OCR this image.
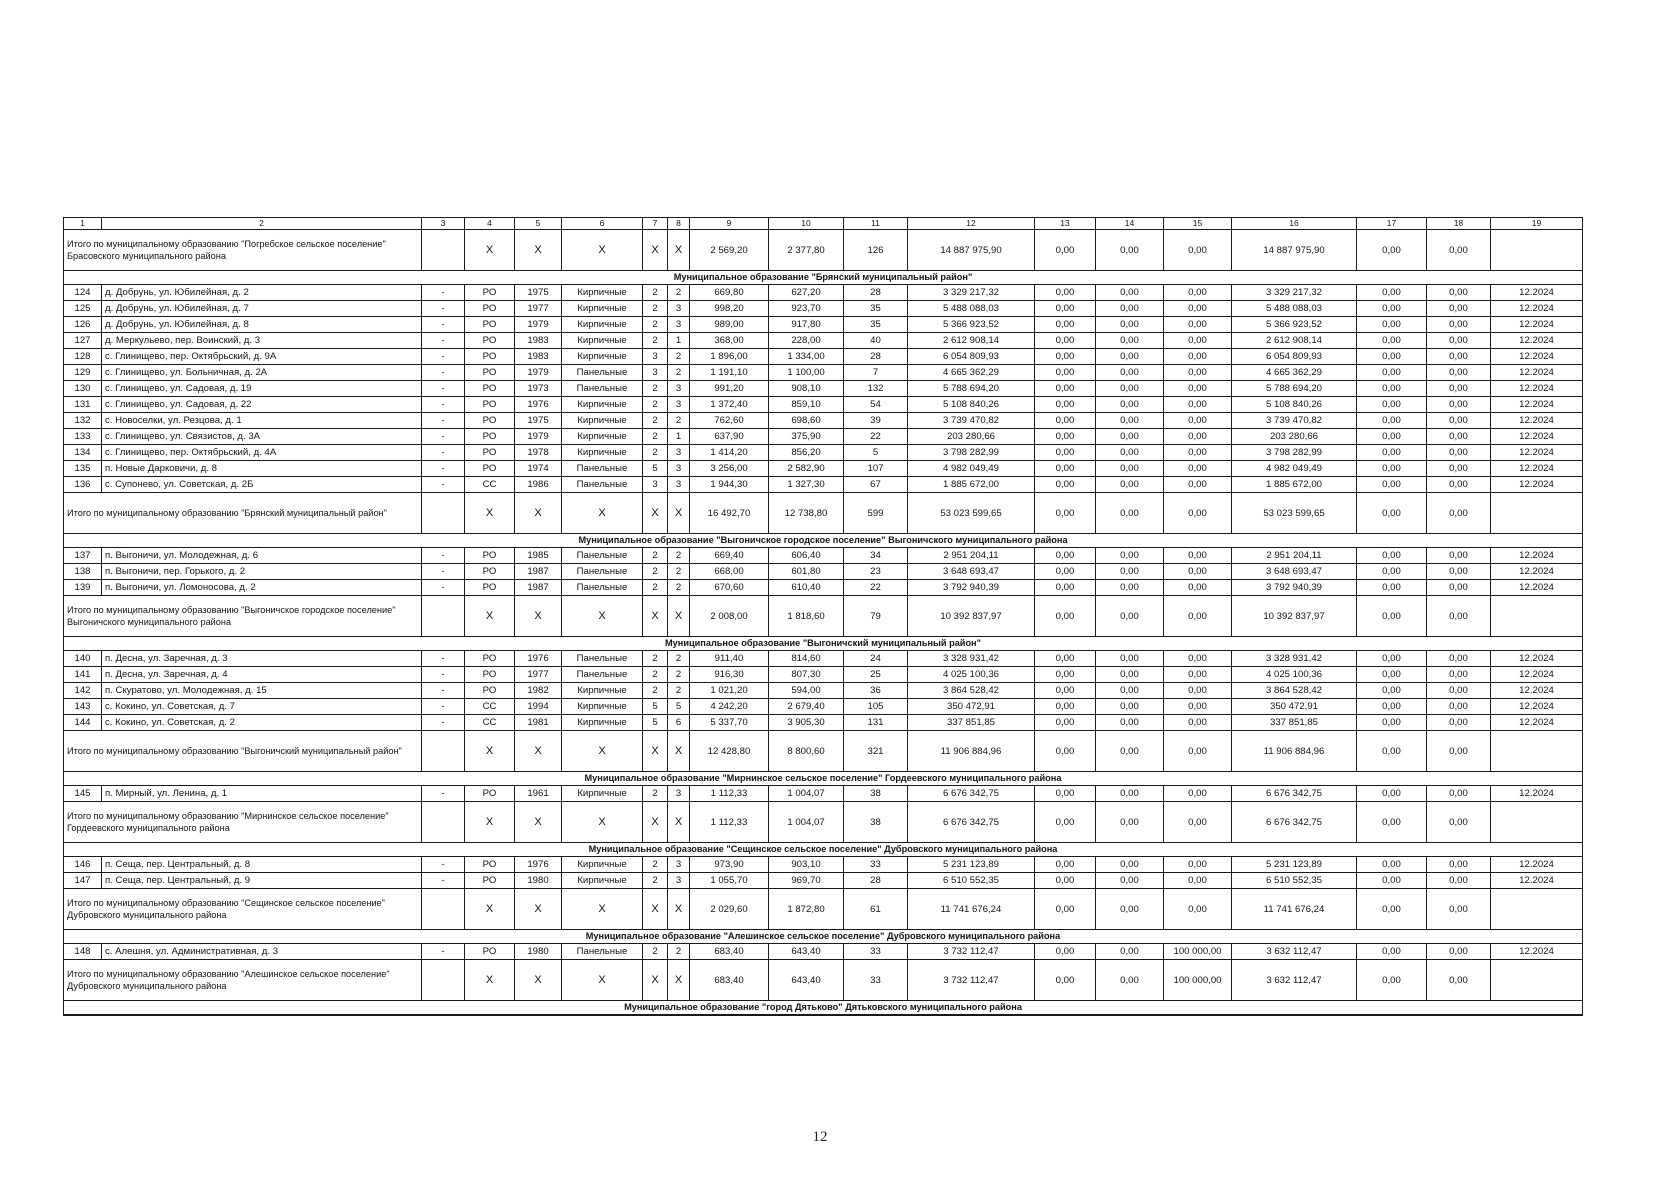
1	2	3	4	5	6	7	8	9	10	11	12	13	14	15	16	17	18	19
Итого по муниципальному образованию "Погребское сельское поселение" Брасовского муниципального района			X	X	X	X	X	2 569,20	2 377,80	126	14 887 975,90	0,00	0,00	0,00	14 887 975,90	0,00	0,00	
Муниципальное образование "Брянский муниципальный район"																		
124	д. Добрунь, ул. Юбилейная, д. 2	-	РО	1975	Кирпичные	2	2	669,80	627,20	28	3 329 217,32	0,00	0,00	0,00	3 329 217,32	0,00	0,00	12.2024
125	д. Добрунь, ул. Юбилейная, д. 7	-	РО	1977	Кирпичные	2	3	998,20	923,70	35	5 488 088,03	0,00	0,00	0,00	5 488 088,03	0,00	0,00	12.2024
126	д. Добрунь, ул. Юбилейная, д. 8	-	РО	1979	Кирпичные	2	3	989,00	917,80	35	5 366 923,52	0,00	0,00	0,00	5 366 923,52	0,00	0,00	12.2024
127	д. Меркульево, пер. Воинский, д. 3	-	РО	1983	Кирпичные	2	1	368,00	228,00	40	2 612 908,14	0,00	0,00	0,00	2 612 908,14	0,00	0,00	12.2024
128	с. Глинищево, пер. Октябрьский, д. 9А	-	РО	1983	Кирпичные	3	2	1 896,00	1 334,00	28	6 054 809,93	0,00	0,00	0,00	6 054 809,93	0,00	0,00	12.2024
129	с. Глинищево, ул. Больничная, д. 2А	-	РО	1979	Панельные	3	2	1 191,10	1 100,00	7	4 665 362,29	0,00	0,00	0,00	4 665 362,29	0,00	0,00	12.2024
130	с. Глинищево, ул. Садовая, д. 19	-	РО	1973	Панельные	2	3	991,20	908,10	132	5 788 694,20	0,00	0,00	0,00	5 788 694,20	0,00	0,00	12.2024
131	с. Глинищево, ул. Садовая, д. 22	-	РО	1976	Кирпичные	2	3	1 372,40	859,10	54	5 108 840,26	0,00	0,00	0,00	5 108 840,26	0,00	0,00	12.2024
132	с. Новоселки, ул. Резцова, д. 1	-	РО	1975	Кирпичные	2	2	762,60	698,60	39	3 739 470,82	0,00	0,00	0,00	3 739 470,82	0,00	0,00	12.2024
133	с. Глинищево, ул. Связистов, д. 3А	-	РО	1979	Кирпичные	2	1	637,90	375,90	22	203 280,66	0,00	0,00	0,00	203 280,66	0,00	0,00	12.2024
134	с. Глинищево, пер. Октябрьский, д. 4А	-	РО	1978	Кирпичные	2	3	1 414,20	856,20	5	3 798 282,99	0,00	0,00	0,00	3 798 282,99	0,00	0,00	12.2024
135	п. Новые Дарковичи, д. 8	-	РО	1974	Панельные	5	3	3 256,00	2 582,90	107	4 982 049,49	0,00	0,00	0,00	4 982 049,49	0,00	0,00	12.2024
136	с. Супонево, ул. Советская, д. 2Б	-	СС	1986	Панельные	3	3	1 944,30	1 327,30	67	1 885 672,00	0,00	0,00	0,00	1 885 672,00	0,00	0,00	12.2024
Итого по муниципальному образованию "Брянский муниципальный район"			X	X	X	X	X	16 492,70	12 738,80	599	53 023 599,65	0,00	0,00	0,00	53 023 599,65	0,00	0,00	
Муниципальное образование "Выгоничское городское поселение" Выгоничского муниципального района																		
137	п. Выгоничи, ул. Молодежная, д. 6	-	РО	1985	Панельные	2	2	669,40	606,40	34	2 951 204,11	0,00	0,00	0,00	2 951 204,11	0,00	0,00	12.2024
138	п. Выгоничи, пер. Горького, д. 2	-	РО	1987	Панельные	2	2	668,00	601,80	23	3 648 693,47	0,00	0,00	0,00	3 648 693,47	0,00	0,00	12.2024
139	п. Выгоничи, ул. Ломоносова, д. 2	-	РО	1987	Панельные	2	2	670,60	610,40	22	3 792 940,39	0,00	0,00	0,00	3 792 940,39	0,00	0,00	12.2024
Итого по муниципальному образованию "Выгоничское городское поселение" Выгоничского муниципального района			X	X	X	X	X	2 008,00	1 818,60	79	10 392 837,97	0,00	0,00	0,00	10 392 837,97	0,00	0,00	
Муниципальное образование "Выгоничский муниципальный район"																		
140	п. Десна, ул. Заречная, д. 3	-	РО	1976	Панельные	2	2	911,40	814,60	24	3 328 931,42	0,00	0,00	0,00	3 328 931,42	0,00	0,00	12.2024
141	п. Десна, ул. Заречная, д. 4	-	РО	1977	Панельные	2	2	916,30	807,30	25	4 025 100,36	0,00	0,00	0,00	4 025 100,36	0,00	0,00	12.2024
142	п. Скуратово, ул. Молодежная, д. 15	-	РО	1982	Кирпичные	2	2	1 021,20	594,00	36	3 864 528,42	0,00	0,00	0,00	3 864 528,42	0,00	0,00	12.2024
143	с. Кокино, ул. Советская, д. 7	-	СС	1994	Кирпичные	5	5	4 242,20	2 679,40	105	350 472,91	0,00	0,00	0,00	350 472,91	0,00	0,00	12.2024
144	с. Кокино, ул. Советская, д. 2	-	СС	1981	Кирпичные	5	6	5 337,70	3 905,30	131	337 851,85	0,00	0,00	0,00	337 851,85	0,00	0,00	12.2024
Итого по муниципальному образованию "Выгоничский муниципальный район"			X	X	X	X	X	12 428,80	8 800,60	321	11 906 884,96	0,00	0,00	0,00	11 906 884,96	0,00	0,00	
Муниципальное образование "Мирнинское сельское поселение" Гордеевского муниципального района																		
145	п. Мирный, ул. Ленина, д. 1	-	РО	1961	Кирпичные	2	3	1 112,33	1 004,07	38	6 676 342,75	0,00	0,00	0,00	6 676 342,75	0,00	0,00	12.2024
Итого по муниципальному образованию "Мирнинское сельское поселение" Гордеевского муниципального района			X	X	X	X	X	1 112,33	1 004,07	38	6 676 342,75	0,00	0,00	0,00	6 676 342,75	0,00	0,00	
Муниципальное образование "Сещинское сельское поселение" Дубровского муниципального района																		
146	п. Сеща, пер. Центральный, д. 8	-	РО	1976	Кирпичные	2	3	973,90	903,10	33	5 231 123,89	0,00	0,00	0,00	5 231 123,89	0,00	0,00	12.2024
147	п. Сеща, пер. Центральный, д. 9	-	РО	1980	Кирпичные	2	3	1 055,70	969,70	28	6 510 552,35	0,00	0,00	0,00	6 510 552,35	0,00	0,00	12.2024
Итого по муниципальному образованию "Сещинское сельское поселение" Дубровского муниципального района			X	X	X	X	X	2 029,60	1 872,80	61	11 741 676,24	0,00	0,00	0,00	11 741 676,24	0,00	0,00	
Муниципальное образование "Алешинское сельское поселение" Дубровского муниципального района																		
148	с. Алешня, ул. Административная, д. 3	-	РО	1980	Панельные	2	2	683,40	643,40	33	3 732 112,47	0,00	0,00	100 000,00	3 632 112,47	0,00	0,00	12.2024
Итого по муниципальному образованию "Алешинское сельское поселение" Дубровского муниципального района			X	X	X	X	X	683,40	643,40	33	3 732 112,47	0,00	0,00	100 000,00	3 632 112,47	0,00	0,00	
Муниципальное образование "город Дятьково" Дятьковского муниципального района																		
12
